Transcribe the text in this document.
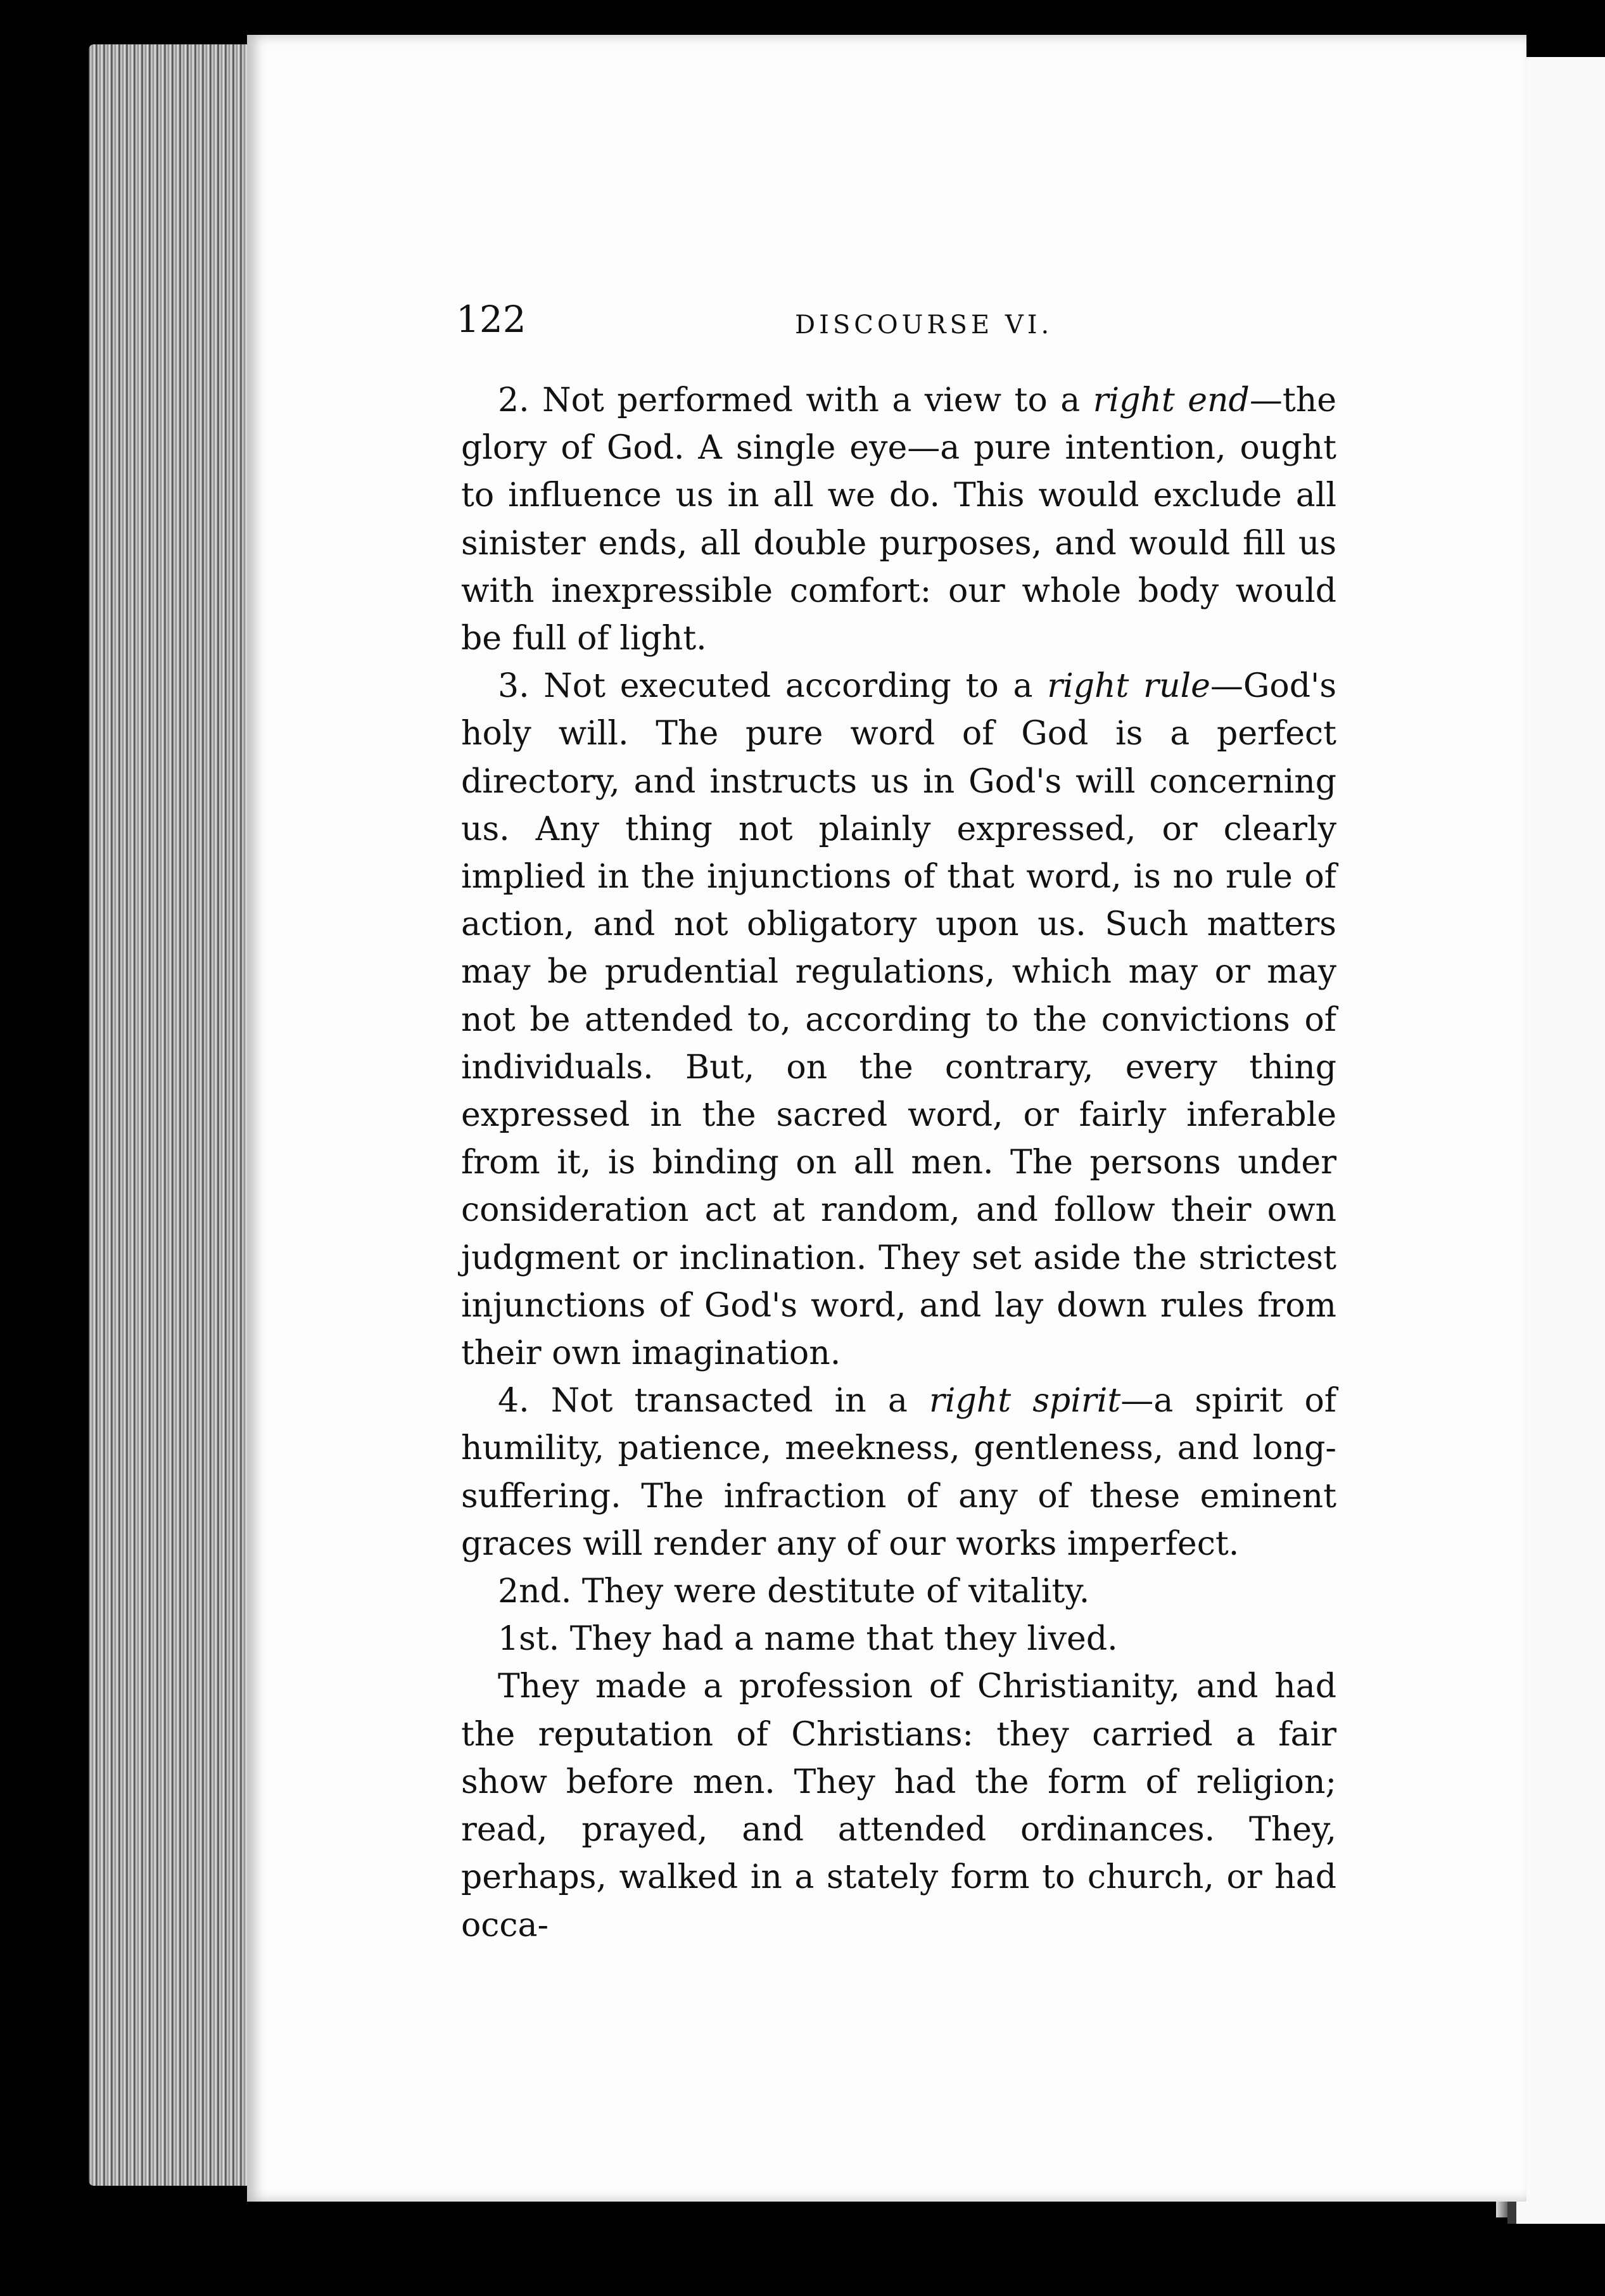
122	DISCOURSE VI.

2. Not performed with a view to a right end—the glory of God. A single eye—a pure intention, ought to influence us in all we do. This would exclude all sinister ends, all double purposes, and would fill us with inexpressible comfort: our whole body would be full of light.

3. Not executed according to a right rule—God's holy will. The pure word of God is a perfect directory, and instructs us in God's will concerning us. Any thing not plainly expressed, or clearly implied in the injunctions of that word, is no rule of action, and not obligatory upon us. Such matters may be prudential regulations, which may or may not be attended to, according to the convictions of individuals. But, on the contrary, every thing expressed in the sacred word, or fairly inferable from it, is binding on all men. The persons under consideration act at random, and follow their own judgment or inclination. They set aside the strictest injunctions of God's word, and lay down rules from their own imagination.

4. Not transacted in a right spirit—a spirit of humility, patience, meekness, gentleness, and long-suffering. The infraction of any of these eminent graces will render any of our works imperfect.

2nd. They were destitute of vitality.

1st. They had a name that they lived.

They made a profession of Christianity, and had the reputation of Christians: they carried a fair show before men. They had the form of religion; read, prayed, and attended ordinances. They, perhaps, walked in a stately form to church, or had occa-
